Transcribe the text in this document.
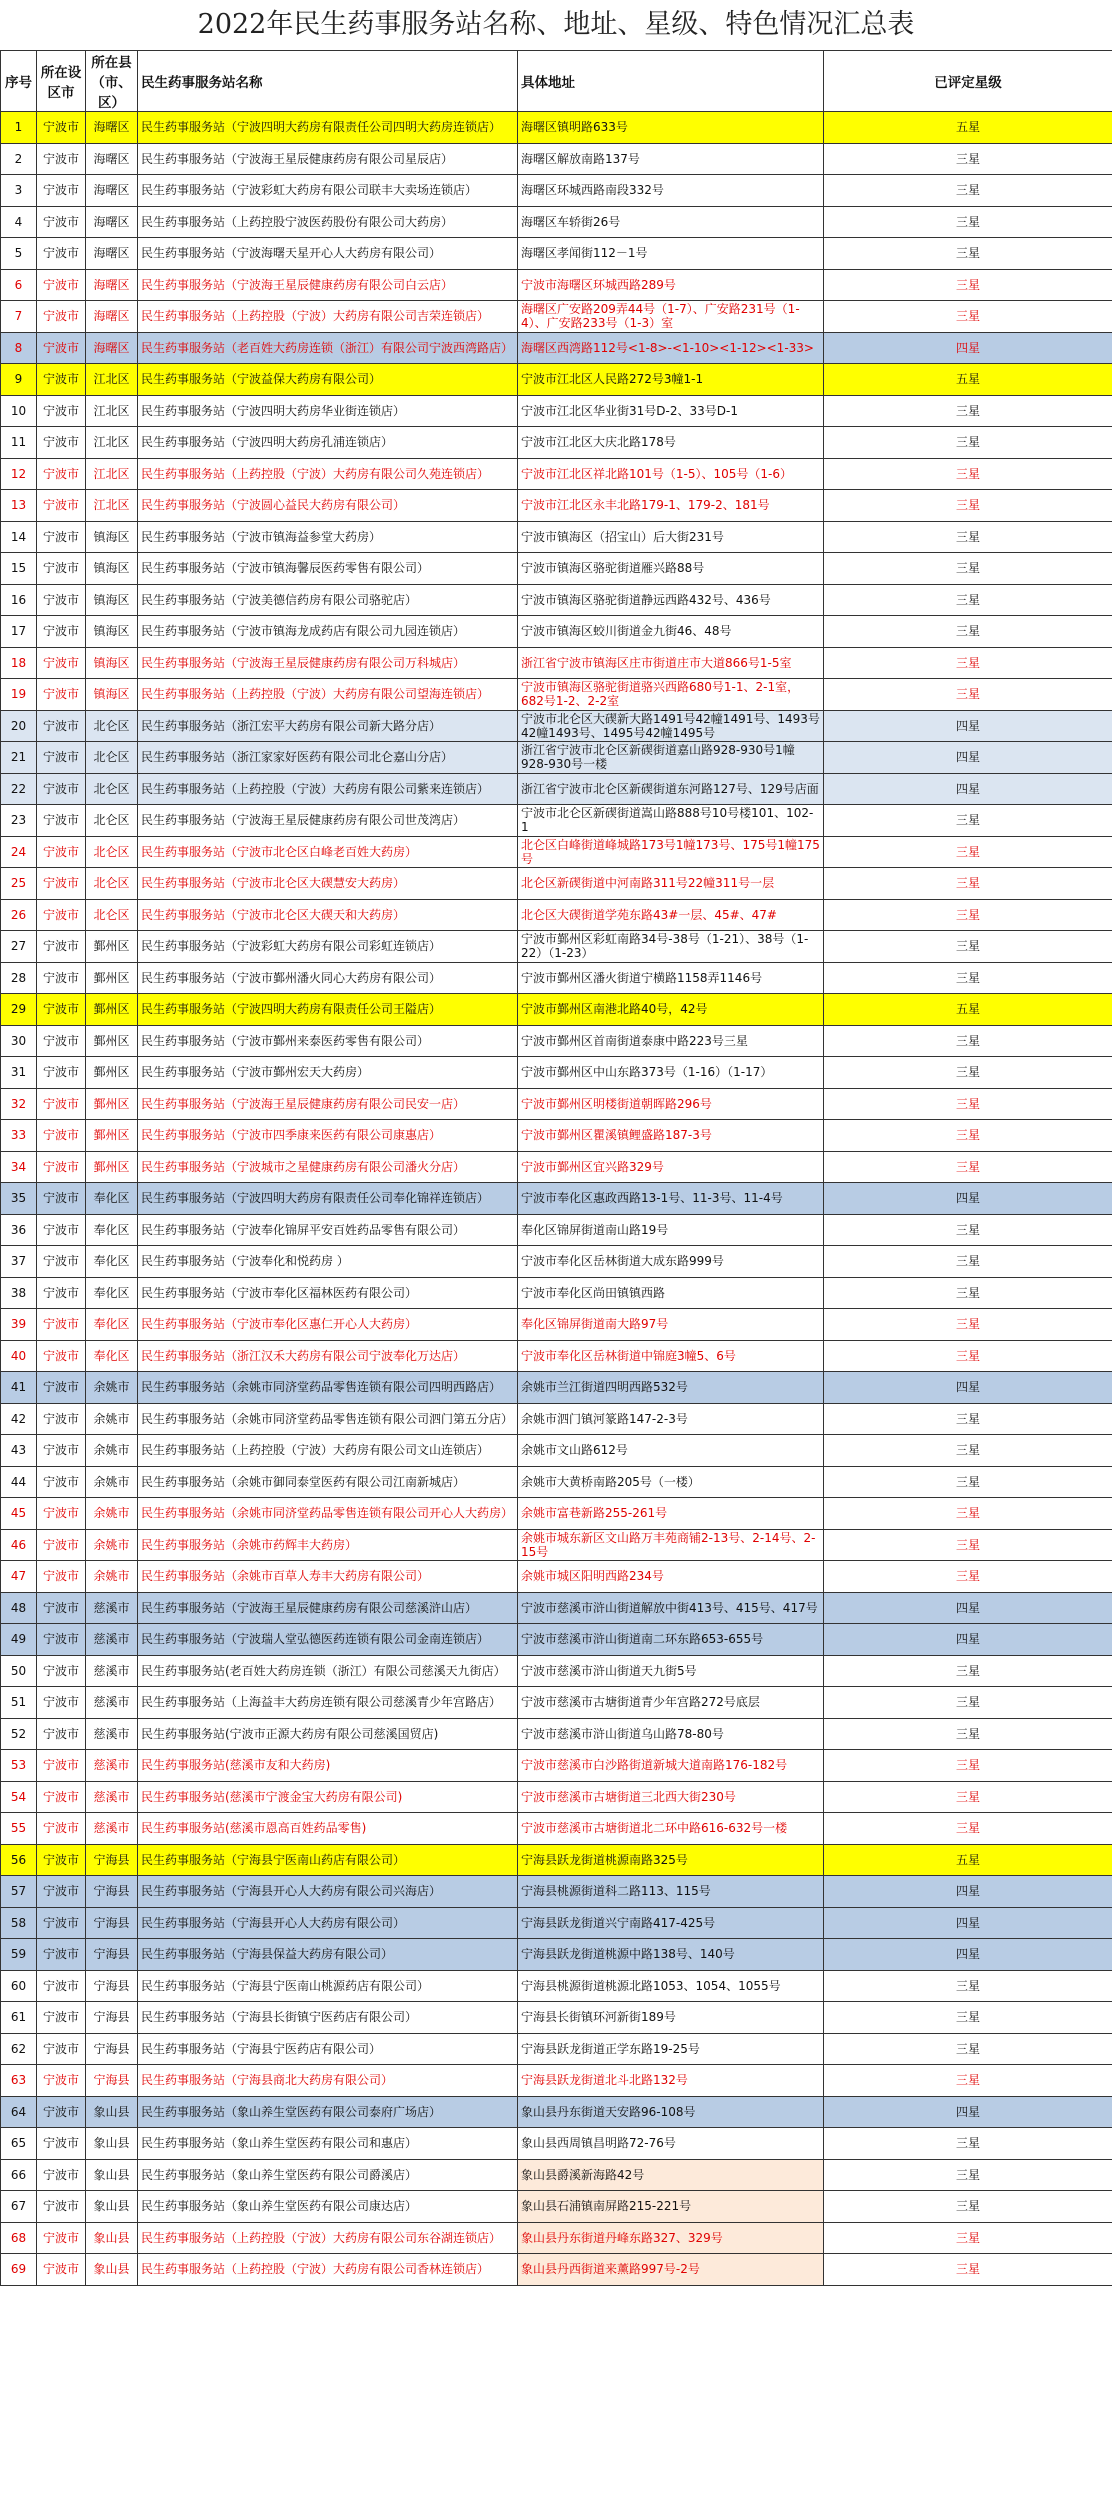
2022年民生药事服务站名称、地址、星级、特色情况汇总表
序号	所在设区市	所在县（市、区）	民生药事服务站名称	具体地址	已评定星级
1	宁波市	海曙区	民生药事服务站（宁波四明大药房有限责任公司四明大药房连锁店）	海曙区镇明路633号	五星
2	宁波市	海曙区	民生药事服务站（宁波海王星辰健康药房有限公司星辰店）	海曙区解放南路137号	三星
3	宁波市	海曙区	民生药事服务站（宁波彩虹大药房有限公司联丰大卖场连锁店）	海曙区环城西路南段332号	三星
4	宁波市	海曙区	民生药事服务站（上药控股宁波医药股份有限公司大药房）	海曙区车轿街26号	三星
5	宁波市	海曙区	民生药事服务站（宁波海曙天星开心人大药房有限公司）	海曙区孝闻街112－1号	三星
6	宁波市	海曙区	民生药事服务站（宁波海王星辰健康药房有限公司白云店）	宁波市海曙区环城西路289号	三星
7	宁波市	海曙区	民生药事服务站（上药控股（宁波）大药房有限公司吉荣连锁店）	海曙区广安路209弄44号（1-7）、广安路231号（1-4）、广安路233号（1-3）室	三星
8	宁波市	海曙区	民生药事服务站（老百姓大药房连锁（浙江）有限公司宁波西湾路店）	海曙区西湾路112号<1-8>-<1-10><1-12><1-33>	四星
9	宁波市	江北区	民生药事服务站（宁波益保大药房有限公司）	宁波市江北区人民路272号3幢1-1	五星
10	宁波市	江北区	民生药事服务站（宁波四明大药房华业街连锁店）	宁波市江北区华业街31号D-2、33号D-1	三星
11	宁波市	江北区	民生药事服务站（宁波四明大药房孔浦连锁店）	宁波市江北区大庆北路178号	三星
12	宁波市	江北区	民生药事服务站（上药控股（宁波）大药房有限公司久苑连锁店）	宁波市江北区祥北路101号（1-5）、105号（1-6）	三星
13	宁波市	江北区	民生药事服务站（宁波圆心益民大药房有限公司）	宁波市江北区永丰北路179-1、179-2、181号	三星
14	宁波市	镇海区	民生药事服务站（宁波市镇海益参堂大药房）	宁波市镇海区（招宝山）后大街231号	三星
15	宁波市	镇海区	民生药事服务站（宁波市镇海馨辰医药零售有限公司）	宁波市镇海区骆驼街道雁兴路88号	三星
16	宁波市	镇海区	民生药事服务站（宁波美德信药房有限公司骆驼店）	宁波市镇海区骆驼街道静远西路432号、436号	三星
17	宁波市	镇海区	民生药事服务站（宁波市镇海龙成药店有限公司九园连锁店）	宁波市镇海区蛟川街道金九街46、48号	三星
18	宁波市	镇海区	民生药事服务站（宁波海王星辰健康药房有限公司万科城店）	浙江省宁波市镇海区庄市街道庄市大道866号1-5室	三星
19	宁波市	镇海区	民生药事服务站（上药控股（宁波）大药房有限公司望海连锁店）	宁波市镇海区骆驼街道骆兴西路680号1-1、2-1室，682号1-2、2-2室	三星
20	宁波市	北仑区	民生药事服务站（浙江宏平大药房有限公司新大路分店）	宁波市北仑区大碶新大路1491号42幢1491号、1493号42幢1493号、1495号42幢1495号	四星
21	宁波市	北仑区	民生药事服务站（浙江家家好医药有限公司北仑嘉山分店）	浙江省宁波市北仑区新碶街道嘉山路928-930号1幢928-930号一楼	四星
22	宁波市	北仑区	民生药事服务站（上药控股（宁波）大药房有限公司紫来连锁店）	浙江省宁波市北仑区新碶街道东河路127号、129号店面	四星
23	宁波市	北仑区	民生药事服务站（宁波海王星辰健康药房有限公司世茂湾店）	宁波市北仑区新碶街道嵩山路888号10号楼101、102-1	三星
24	宁波市	北仑区	民生药事服务站（宁波市北仑区白峰老百姓大药房）	北仑区白峰街道峰城路173号1幢173号、175号1幢175号	三星
25	宁波市	北仑区	民生药事服务站（宁波市北仑区大碶慧安大药房）	北仑区新碶街道中河南路311号22幢311号一层	三星
26	宁波市	北仑区	民生药事服务站（宁波市北仑区大碶天和大药房）	北仑区大碶街道学苑东路43#一层、45#、47#	三星
27	宁波市	鄞州区	民生药事服务站（宁波彩虹大药房有限公司彩虹连锁店）	宁波市鄞州区彩虹南路34号-38号（1-21）、38号（1-22）（1-23）	三星
28	宁波市	鄞州区	民生药事服务站（宁波市鄞州潘火同心大药房有限公司）	宁波市鄞州区潘火街道宁横路1158弄1146号	三星
29	宁波市	鄞州区	民生药事服务站（宁波四明大药房有限责任公司王隘店）	宁波市鄞州区南港北路40号，42号	五星
30	宁波市	鄞州区	民生药事服务站（宁波市鄞州来泰医药零售有限公司）	宁波市鄞州区首南街道泰康中路223号三星	三星
31	宁波市	鄞州区	民生药事服务站（宁波市鄞州宏天大药房）	宁波市鄞州区中山东路373号（1-16）（1-17）	三星
32	宁波市	鄞州区	民生药事服务站（宁波海王星辰健康药房有限公司民安一店）	宁波市鄞州区明楼街道朝晖路296号	三星
33	宁波市	鄞州区	民生药事服务站（宁波市四季康来医药有限公司康惠店）	宁波市鄞州区瞿溪镇鲤盛路187-3号	三星
34	宁波市	鄞州区	民生药事服务站（宁波城市之星健康药房有限公司潘火分店）	宁波市鄞州区宜兴路329号	三星
35	宁波市	奉化区	民生药事服务站（宁波四明大药房有限责任公司奉化锦祥连锁店）	宁波市奉化区惠政西路13-1号、11-3号、11-4号	四星
36	宁波市	奉化区	民生药事服务站（宁波奉化锦屏平安百姓药品零售有限公司）	奉化区锦屏街道南山路19号	三星
37	宁波市	奉化区	民生药事服务站（宁波奉化和悦药房 ）	宁波市奉化区岳林街道大成东路999号	三星
38	宁波市	奉化区	民生药事服务站（宁波市奉化区福林医药有限公司）	宁波市奉化区尚田镇镇西路	三星
39	宁波市	奉化区	民生药事服务站（宁波市奉化区惠仁开心人大药房）	奉化区锦屏街道南大路97号	三星
40	宁波市	奉化区	民生药事服务站（浙江汉禾大药房有限公司宁波奉化万达店）	宁波市奉化区岳林街道中锦庭3幢5、6号	三星
41	宁波市	余姚市	民生药事服务站（余姚市同济堂药品零售连锁有限公司四明西路店）	余姚市兰江街道四明西路532号	四星
42	宁波市	余姚市	民生药事服务站（余姚市同济堂药品零售连锁有限公司泗门第五分店）	余姚市泗门镇河篆路147-2-3号	三星
43	宁波市	余姚市	民生药事服务站（上药控股（宁波）大药房有限公司文山连锁店）	余姚市文山路612号	三星
44	宁波市	余姚市	民生药事服务站（余姚市御同泰堂医药有限公司江南新城店）	余姚市大黄桥南路205号（一楼）	三星
45	宁波市	余姚市	民生药事服务站（余姚市同济堂药品零售连锁有限公司开心人大药房）	余姚市富巷新路255-261号	三星
46	宁波市	余姚市	民生药事服务站（余姚市药辉丰大药房）	余姚市城东新区文山路万丰苑商铺2-13号、2-14号、2-15号	三星
47	宁波市	余姚市	民生药事服务站（余姚市百草人寿丰大药房有限公司）	余姚市城区阳明西路234号	三星
48	宁波市	慈溪市	民生药事服务站（宁波海王星辰健康药房有限公司慈溪浒山店）	宁波市慈溪市浒山街道解放中街413号、415号、417号	四星
49	宁波市	慈溪市	民生药事服务站（宁波瑞人堂弘德医药连锁有限公司金南连锁店）	宁波市慈溪市浒山街道南二环东路653-655号	四星
50	宁波市	慈溪市	民生药事服务站(老百姓大药房连锁（浙江）有限公司慈溪天九街店）	宁波市慈溪市浒山街道天九街5号	三星
51	宁波市	慈溪市	民生药事服务站（上海益丰大药房连锁有限公司慈溪青少年宫路店）	宁波市慈溪市古塘街道青少年宫路272号底层	三星
52	宁波市	慈溪市	民生药事服务站(宁波市正源大药房有限公司慈溪国贸店)	宁波市慈溪市浒山街道乌山路78-80号	三星
53	宁波市	慈溪市	民生药事服务站(慈溪市友和大药房)	宁波市慈溪市白沙路街道新城大道南路176-182号	三星
54	宁波市	慈溪市	民生药事服务站(慈溪市宁渡金宝大药房有限公司)	宁波市慈溪市古塘街道三北西大街230号	三星
55	宁波市	慈溪市	民生药事服务站(慈溪市恩高百姓药品零售)	宁波市慈溪市古塘街道北二环中路616-632号一楼	三星
56	宁波市	宁海县	民生药事服务站（宁海县宁医南山药店有限公司）	宁海县跃龙街道桃源南路325号	五星
57	宁波市	宁海县	民生药事服务站（宁海县开心人大药房有限公司兴海店）	宁海县桃源街道科二路113、115号	四星
58	宁波市	宁海县	民生药事服务站（宁海县开心人大药房有限公司）	宁海县跃龙街道兴宁南路417-425号	四星
59	宁波市	宁海县	民生药事服务站（宁海县保益大药房有限公司）	宁海县跃龙街道桃源中路138号、140号	四星
60	宁波市	宁海县	民生药事服务站（宁海县宁医南山桃源药店有限公司）	宁海县桃源街道桃源北路1053、1054、1055号	三星
61	宁波市	宁海县	民生药事服务站（宁海县长街镇宁医药店有限公司）	宁海县长街镇环河新街189号	三星
62	宁波市	宁海县	民生药事服务站（宁海县宁医药店有限公司）	宁海县跃龙街道正学东路19-25号	三星
63	宁波市	宁海县	民生药事服务站（宁海县商北大药房有限公司）	宁海县跃龙街道北斗北路132号	三星
64	宁波市	象山县	民生药事服务站（象山养生堂医药有限公司泰府广场店）	象山县丹东街道天安路96-108号	四星
65	宁波市	象山县	民生药事服务站（象山养生堂医药有限公司和惠店）	象山县西周镇昌明路72-76号	三星
66	宁波市	象山县	民生药事服务站（象山养生堂医药有限公司爵溪店）	象山县爵溪新海路42号	三星
67	宁波市	象山县	民生药事服务站（象山养生堂医药有限公司康达店）	象山县石浦镇南屏路215-221号	三星
68	宁波市	象山县	民生药事服务站（上药控股（宁波）大药房有限公司东谷湖连锁店）	象山县丹东街道丹峰东路327、329号	三星
69	宁波市	象山县	民生药事服务站（上药控股（宁波）大药房有限公司香林连锁店）	象山县丹西街道来薰路997号-2号	三星
